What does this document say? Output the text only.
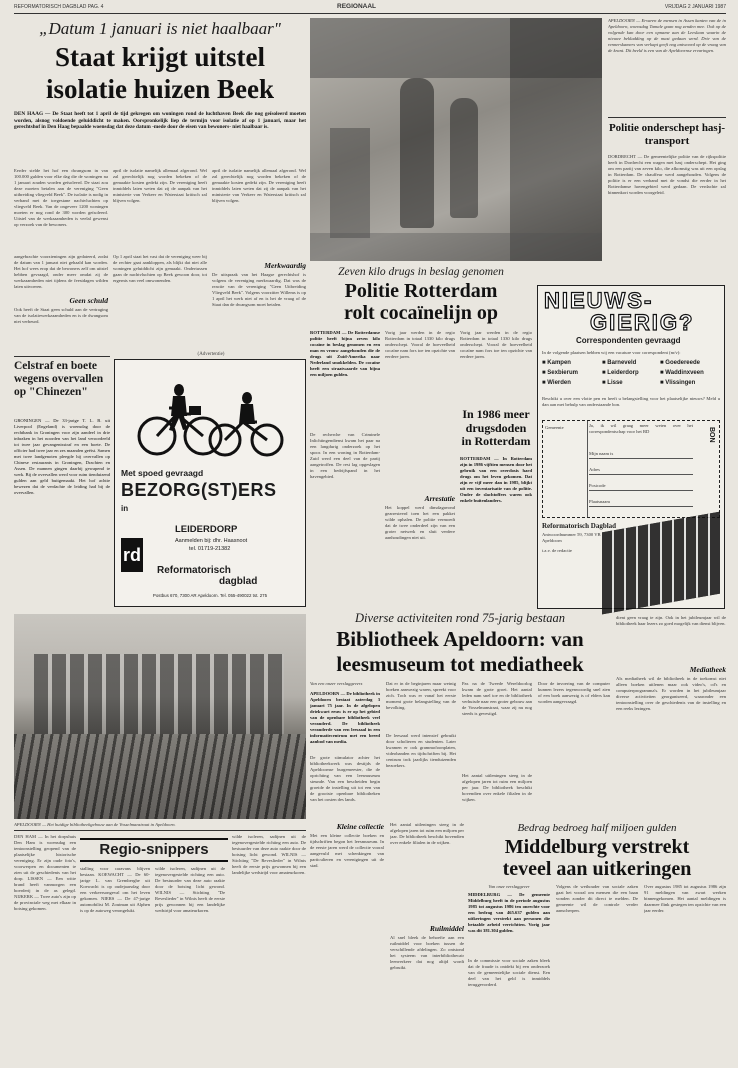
REFORMATORISCH DAGBLAD PAG. 4	REGIONAAL	VRIJDAG 2 JANUARI 1987
„Datum 1 januari is niet haalbaar"
Staat krijgt uitstel
isolatie huizen Beek
DEN HAAG — De Staat heeft tot 1 april de tijd gekregen om woningen rond de luchthaven Beek die nog geïsoleerd moeten worden, alsnog voldoende geluiddicht te maken. Oorspronkelijk liep de termijn voor isolatie af op 1 januari, maar het gerechtshof in Den Haag bepaalde woensdag dat deze datum -mede door de eisen van bewoners- niet haalbaar is.
Eerder stelde het hof een dwangsom in van 100.000 gulden voor elke dag die de woningen na 1 januari zouden worden geïsoleerd. De staat zou deze moeten betalen aan de vereniging "Geen uitbreiding vliegveld Beek". De isolatie is nodig in verband met de toegestane nachtvluchten op vliegveld Beek. Van de ongeveer 1200 woningen moeten er nog rond de 300 worden geïsoleerd. Uitstel van de werkzaamheden is veelal gewenst op verzoek van de bewoners.
aangebrachte voorzieningen zijn gedateerd, zodat de datum van 1 januari niet gehaald kan worden. Het hof wees erop dat de bewoners zelf om uitstel hebben gevraagd, onder meer omdat zij de werkzaamheden niet tijdens de feestdagen wilden laten uitvoeren.
Geen schuld
Ook heeft de Staat geen schuld aan de vertraging van de isolatiewerkzaamheden en is de dwangsom niet verbeurd.
april de isolatie namelijk allemaal afgerond. Wel zal gerechtelijk nog worden bekeken of de gemaakte kosten gedekt zijn. De vereniging heeft inmiddels laten weten dat zij de aanpak van het ministerie van Verkeer en Waterstaat kritisch zal blijven volgen.
Op 1 april staat het vast dat de vereniging weer bij de rechter gaat aankloppen, als blijkt dat niet alle woningen geluiddicht zijn gemaakt. Ondertussen gaan de nachtvluchten op Beek gewoon door, tot ergernis van veel omwonenden.
april de isolatie namelijk allemaal afgerond. Wel zal gerechtelijk nog worden bekeken of de gemaakte kosten gedekt zijn. De vereniging heeft inmiddels laten weten dat zij de aanpak van het ministerie van Verkeer en Waterstaat kritisch zal blijven volgen.
Merkwaardig
De uitspraak van het Haagse gerechtshof is volgens de vereniging merkwaardig. Dat was de reactie van de vereniging "Geen Uitbreiding Vliegveld Beek". Volgens voorzitter Willems is op 1 april het werk niet af en is het de vraag of de Staat dan de dwangsom moet betalen.
Celstraf en boete wegens overvallen op "Chinezen"
GRONINGEN — De 33-jarige T. L. B. uit Liverpool (Engeland) is woensdag door de rechtbank in Groningen voor zijn aandeel in drie inbraken in het noorden van het land veroordeeld tot twee jaar gevangenisstraf en een boete. De officier had twee jaar en zes maanden geëist. Samen met twee landgenoten pleegde hij overvallen op Chinese restaurants in Groningen, Drachten en Assen. De mannen gingen daarbij gewapend te werk. Bij de overvallen werd voor ruim tienduizend gulden aan geld buitgemaakt. Het hof achtte bewezen dat de verdachte de leiding had bij de overvallen.
(Advertentie)
Met spoed gevraagd
BEZORG(ST)ERS
in
LEIDERDORP
Aanmelden bij: dhr. Haasnoot
tel. 01719-21382
rd
Reformatorisch
dagblad
Postbus 670, 7300 AR Apeldoorn. Tel. 055-490022 tst. 275
APELDOORN — Ervaren de mensen in Assen kanten van de in Apeldoorn, woensdag Tamale gaan nog zenden mee. Ook op de volgende kan door een opname aan de Leeslaan waarin de nieuwe bekladding op de mast gedaan werd. Drie van de rennerskamers van verkapt geeft nog antwoord op de vraag van de krant. Dit beeld is een van de Apeldoornse ervaringen.
Politie onderschept hasj-transport
DORDRECHT — De gemeentelijke politie van de rijkspolitie heeft in Dordrecht een wagen met hasj onderschept. Het ging om een partij van zeven kilo, die afkomstig was uit een opslag in Rotterdam. De chauffeur werd aangehouden. Volgens de politie is er een verband met de vondst die eerder in het Rotterdamse havengebied werd gedaan. De verdachte zal binnenkort worden voorgeleid.
Zeven kilo drugs in beslag genomen
Politie Rotterdam
rolt cocaïnelijn op
ROTTERDAM — De Rotterdamse politie heeft bijna zeven kilo cocaïne in beslag genomen en een man en vrouw aangehouden die de drugs uit Zuid-Amerika naar Nederland smokkelden. De cocaïne heeft een straatwaarde van bijna een miljoen gulden.
De recherche van Criminele Inlichtingendienst kwam het paar na een langdurig onderzoek op het spoor. In een woning in Rotterdam-Zuid werd een deel van de partij aangetroffen. De rest lag opgeslagen in een bedrijfspand in het havengebied.
Vorig jaar werden in de regio Rotterdam in totaal 1330 kilo drugs onderschept. Vooral de hoeveelheid cocaïne nam fors toe ten opzichte van eerdere jaren.
Arrestatie
Het koppel werd dinsdagavond gearresteerd toen het een pakket wilde ophalen. De politie vermoedt dat de twee onderdeel zijn van een groter netwerk en sluit verdere aanhoudingen niet uit.
Vorig jaar werden in de regio Rotterdam in totaal 1330 kilo drugs onderschept. Vooral de hoeveelheid cocaïne nam fors toe ten opzichte van eerdere jaren.
In 1986 meer drugsdoden in Rotterdam
ROTTERDAM — In Rotterdam zijn in 1986 vijftien mensen door het gebruik van een overdosis hard drugs om het leven gekomen. Dat zijn er vijf meer dan in 1985, blijkt uit een inventarisatie van de politie. Onder de slachtoffers waren ook enkele buitenlanders.
NIEUWS-
GIERIG?
Correspondenten gevraagd
In de volgende plaatsen hebben wij een vacature voor correspondent (m/v):
■ Kampen	■ Barneveld	■ Goedereede
■ Sexbierum	■ Leiderdorp	■ Waddinxveen
■ Wierden	■ Lisse	■ Vlissingen
Beschikt u over een vlotte pen en heeft u belangstelling voor het plaatselijke nieuws? Meld u dan aan met behulp van onderstaande bon.
Ja, ik wil graag meer weten over het correspondentschap voor het RD	BON
Gemeente
Mijn naam is
Adres
Postcode
Plaatsnaam
Reformatorisch Dagblad
Antwoordnummer 59, 7300 VB Apeldoorn
t.a.v. de redactie
APELDOORN — Het huidige bibliotheekgebouw aan de Vosselmanstraat in Apeldoorn.
Diverse activiteiten rond 75-jarig bestaan
Bibliotheek Apeldoorn: van
leesmuseum tot mediatheek
Van een onzer verslaggevers
APELDOORN — De bibliotheek in Apeldoorn bestaat zaterdag 3 januari 75 jaar. In de afgelopen driekwart eeuw is er op het gebied van de openbare bibliotheek veel veranderd. De bibliotheek veranderde van een leeszaal in een informatiecentrum met een breed aanbod van media.
De grote stimulator achter het bibliotheekwerk was destijds de Apeldoornse burgemeester, die de oprichting van een leesmuseum steunde. Van een bescheiden begin groeide de instelling uit tot een van de grootste openbare bibliotheken van het oosten des lands.
Dat er in de beginjaren maar weinig boeken aanwezig waren, spreekt voor zich. Toch was er vanaf het eerste moment grote belangstelling van de bevolking.
De leeszaal werd intensief gebruikt door scholieren en studenten. Later kwamen er ook grammofoonplaten, videobanden en tijdschriften bij. Het centrum trok jaarlijks tienduizenden bezoekers.
Pas na de Tweede Wereldoorlog kwam de grote groei. Het aantal leden nam snel toe en de bibliotheek verhuisde naar een groter gebouw aan de Vosselmanstraat, waar zij nu nog steeds is gevestigd.
Het aantal uitleningen steeg in de afgelopen jaren tot ruim een miljoen per jaar. De bibliotheek beschikt bovendien over enkele filialen in de wijken.
Door de invoering van de computer kunnen lezers tegenwoordig snel zien of een boek aanwezig is of elders kan worden aangevraagd.
dient geen vraag te zijn. Ook in het jubileumjaar wil de bibliotheek haar lezers zo goed mogelijk van dienst blijven.
Mediatheek
Als mediatheek wil de bibliotheek in de toekomst niet alleen boeken uitlenen maar ook video's, cd's en computerprogramma's. Er worden in het jubileumjaar diverse activiteiten georganiseerd, waaronder een tentoonstelling over de geschiedenis van de instelling en een reeks lezingen.
Kleine collectie
Met een kleine collectie boeken en tijdschriften begon het leesmuseum. In de eerste jaren werd de collectie vooral aangevuld met schenkingen van particulieren en verenigingen uit de stad.
Het aantal uitleningen steeg in de afgelopen jaren tot ruim een miljoen per jaar. De bibliotheek beschikt bovendien over enkele filialen in de wijken.
Ruilmiddel
Al snel bleek de behoefte aan een ruilmiddel voor boeken tussen de verschillende afdelingen. Zo ontstond het systeem van interbibliothecair leenverkeer dat nog altijd wordt gebruikt.
DEN HAM — In het dorpshuis Den Ham is woensdag een tentoonstelling geopend van de plaatselijke historische vereniging. Er zijn oude foto's, voorwerpen en documenten te zien uit de geschiedenis van het dorp. LISSEN — Een witte brand heeft vanmorgen een boerderij in de as gelegd. NIJKERK — Twee auto's zijn op de provinciale weg met elkaar in botsing gekomen.
Regio-snippers
stalling voor caravans blijven bestaan. KOEWACHT — De 60-jarige L. van Gremberghe uit Koewacht is op oudejaarsdag door een verkeersongeval om het leven gekomen. NIERS — De 47-jarige automobilist M. Zoutman uit Alphen is op de autoweg verongelukt.
wilde isoleren, sadijnen uit de tegenovergestelde richting een auto. De bestuurder van deze auto raakte door de botsing licht gewond. WILNIS — Stichting "De Reveslieder" in Wilnis heeft de eerste prijs gewonnen bij een landelijke wedstrijd voor amateurkoren.
wilde isoleren, sadijnen uit de tegenovergestelde richting een auto. De bestuurder van deze auto raakte door de botsing licht gewond. WILNIS — Stichting "De Reveslieder" in Wilnis heeft de eerste prijs gewonnen bij een landelijke wedstrijd voor amateurkoren.
Bedrag bedroeg half miljoen gulden
Middelburg verstrekt
teveel aan uitkeringen
Van onze verslaggever
MIDDELBURG — De gemeente Middelburg heeft in de periode augustus 1985 tot augustus 1986 ten onrechte voor een bedrag van 465.637 gulden aan uitkeringen verstrekt aan personen die betaalde arbeid verrichtten. Vorig jaar was dit 381.304 gulden.
In de commissie voor sociale zaken bleek dat de fraude is ontdekt bij een onderzoek van de gemeentelijke sociale dienst. Een deel van het geld is inmiddels teruggevorderd.
Volgens de wethouder van sociale zaken gaat het vooral om mensen die een baan vonden zonder dit direct te melden. De gemeente wil de controle verder aanscherpen.
Over augustus 1985 tot augustus 1986 zijn 91 meldingen van zwart werken binnengekomen. Het aantal meldingen is daarmee flink gestegen ten opzichte van een jaar eerder.
